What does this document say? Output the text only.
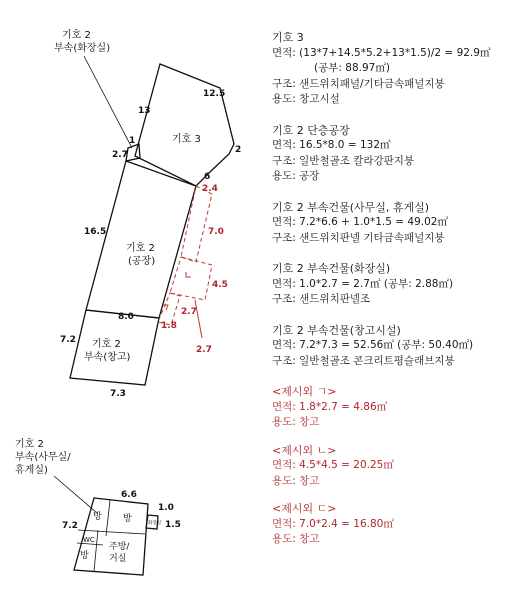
기호 2
부속(화장실)
기호 3
13
12.5
2
6
1
2.7
기호 2
(공장)
16.5
8.0
기호 2
부속(창고)
7.2
7.3
2.4
7.0
4.5
2.7
1.8
2.7
기호 2
부속(사무실/
휴게실)
방 방
WC
방
주방/
거실
화장실
6.6
1.0
7.2	1.5
기호 3
면적: (13*7+14.5*5.2+13*1.5)/2 = 92.9㎡
(공부: 88.97㎡)
구조: 샌드위치패널/기타금속패널지붕
용도: 창고시설
기호 2 단층공장
면적: 16.5*8.0 = 132㎡
구조: 일반철골조 칼라강판지붕
용도: 공장
기호 2 부속건물(사무실, 휴게실)
면적: 7.2*6.6 + 1.0*1.5 = 49.02㎡
구조: 샌드위치판넬 기타금속패널지붕
기호 2 부속건물(화장실)
면적: 1.0*2.7 = 2.7㎡ (공부: 2.88㎡)
구조: 샌드위치판넬조
기호 2 부속건물(창고시설)
면적: 7.2*7.3 = 52.56㎡ (공부: 50.40㎡)
구조: 일반철골조 콘크리트평슬래브지붕
<제시외 ㄱ>
면적: 1.8*2.7 = 4.86㎡
용도: 창고
<제시외 ㄴ>
면적: 4.5*4.5 = 20.25㎡
용도: 창고
<제시외 ㄷ>
면적: 7.0*2.4 = 16.80㎡
용도: 창고
